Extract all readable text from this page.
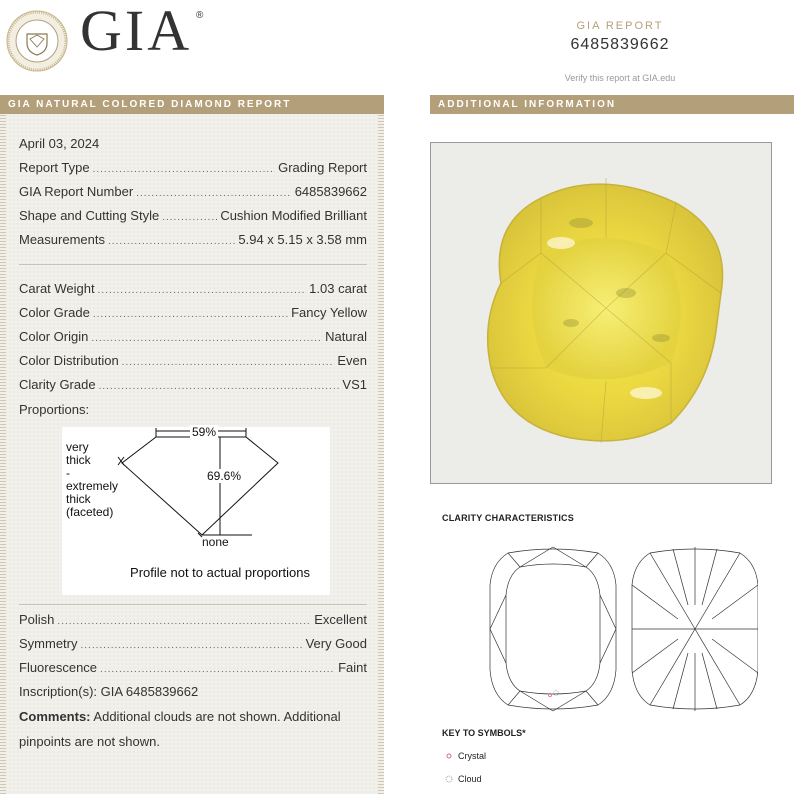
GIA ®
GIA REPORT
6485839662
Verify this report at GIA.edu
GIA NATURAL COLORED DIAMOND REPORT	ADDITIONAL INFORMATION
April 03, 2024
Report Type .....	Grading Report
GIA Report Number .....	6485839662
Shape and Cutting Style .....	Cushion Modified Brilliant
Measurements .....	5.94 x 5.15 x 3.58 mm
Carat Weight .....	1.03 carat
Color Grade .....	Fancy Yellow
Color Origin .....	Natural
Color Distribution .....	Even
Clarity Grade .....	VS1
Proportions:
Polish .....	Excellent
Symmetry .....	Very Good
Fluorescence .....	Faint
Inscription(s): GIA 6485839662
Comments: Additional clouds are not shown. Additional
pinpoints are not shown.
59%
69.6%
very
thick
-
extremely
thick
(faceted)
none
Profile not to actual proportions
CLARITY CHARACTERISTICS
KEY TO SYMBOLS*
Crystal
Cloud
